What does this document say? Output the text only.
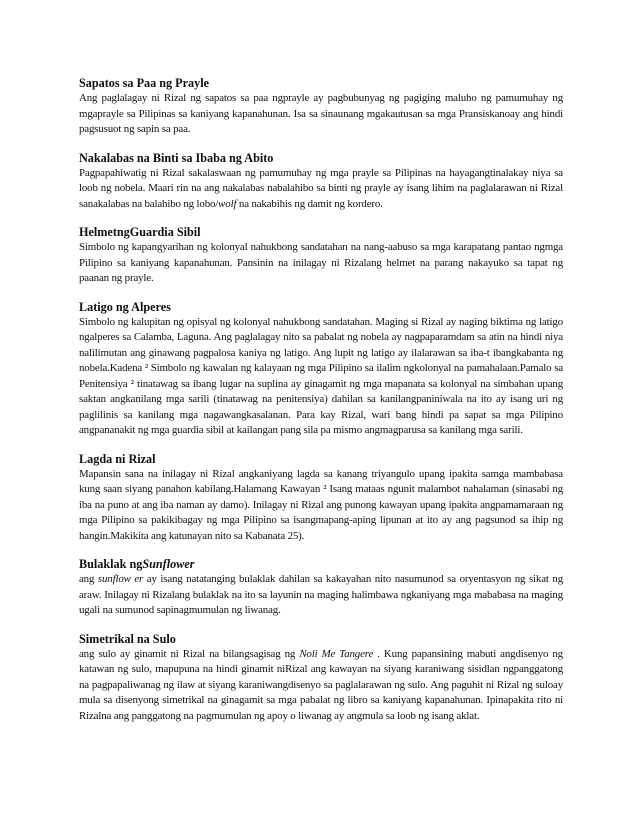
Sapatos sa Paa ng Prayle

Ang paglalagay ni Rizal ng sapatos sa paa ngprayle ay pagbubunyag ng pagiging maluho ng pamumuhay ng mgaprayle sa Pilipinas sa kaniyang kapanahunan. Isa sa sinaunang mgakautusan sa mga Pransiskanoay ang hindi pagsusuot ng sapin sa paa.

Nakalabas na Binti sa Ibaba ng Abito

Pagpapahiwatig ni Rizal sakalaswaan ng pamumuhay ng mga prayle sa Pilipinas na hayagangtinalakay niya sa loob ng nobela. Maari rin na ang nakalabas nabalahibo sa binti ng prayle ay isang lihim na paglalarawan ni Rizal sanakalabas na balahibo ng lobo/wolf na nakabihis ng damit ng kordero.

HelmetngGuardia Sibil

Simbolo ng kapangyarihan ng kolonyal nahukbong sandatahan na nang-aabuso sa mga karapatang pantao ngmga Pilipino sa kaniyang kapanahunan. Pansinin na inilagay ni Rizalang helmet na parang nakayuko sa tapat ng paanan ng prayle.

Latigo ng Alperes

Simbolo ng kalupitan ng opisyal ng kolonyal nahukbong sandatahan. Maging si Rizal ay naging biktima ng latigo ngalperes sa Calamba, Laguna. Ang paglalagay nito sa pabalat ng nobela ay nagpaparamdam sa atin na hindi niya nalilimutan ang ginawang pagpalosa kaniya ng latigo. Ang lupit ng latigo ay ilalarawan sa iba-t ibangkabanta ng nobela.Kadena ² Simbolo ng kawalan ng kalayaan ng mga Pilipino sa ilalim ngkolonyal na pamahalaan.Pamalo sa Penitensiya ² tinatawag sa ibang lugar na suplina ay ginagamit ng mga mapanata sa kolonyal na simbahan upang saktan angkanilang mga sarili (tinatawag na penitensiya) dahilan sa kanilangpaniniwala na ito ay isang uri ng paglilinis sa kanilang mga nagawangkasalanan. Para kay Rizal, wari bang hindi pa sapat sa mga Pilipino angpananakit ng mga guardia sibil at kailangan pang sila pa mismo angmagparusa sa kanilang mga sarili.

Lagda ni Rizal

Mapansin sana na inilagay ni Rizal angkaniyang lagda sa kanang triyangulo upang ipakita samga mambabasa kung saan siyang panahon kabilang.Halamang Kawayan ² Isang mataas ngunit malambot nahalaman (sinasabi ng iba na puno at ang iba naman ay damo). Inilagay ni Rizal ang punong kawayan upang ipakita angpamamaraan ng mga Pilipino sa pakikibagay ng mga Pilipino sa isangmapang-aping lipunan at ito ay ang pagsunod sa ihip ng hangin.Makikita ang katunayan nito sa Kabanata 25).

Bulaklak ngSunflower

ang sunflow er ay isang natatanging bulaklak dahilan sa kakayahan nito nasumunod sa oryentasyon ng sikat ng araw. Inilagay ni Rizalang bulaklak na ito sa layunin na maging halimbawa ngkaniyang mga mababasa na maging ugali na sumunod sapinagmumulan ng liwanag.

Simetrikal na Sulo

ang sulo ay ginamit ni Rizal na bilangsagisag ng Noli Me Tangere . Kung papansining mabuti angdisenyo ng katawan ng sulo, mapupuna na hindi ginamit niRizal ang kawayan na siyang karaniwang sisidlan ngpanggatong na pagpapaliwanag ng ilaw at siyang karaniwangdisenyo sa paglalarawan ng sulo. Ang paguhit ni Rizal ng suloay mula sa disenyong simetrikal na ginagamit sa mga pabalat ng libro sa kaniyang kapanahunan. Ipinapakita rito ni Rizalna ang panggatong na pagmumulan ng apoy o liwanag ay angmula sa loob ng isang aklat.
